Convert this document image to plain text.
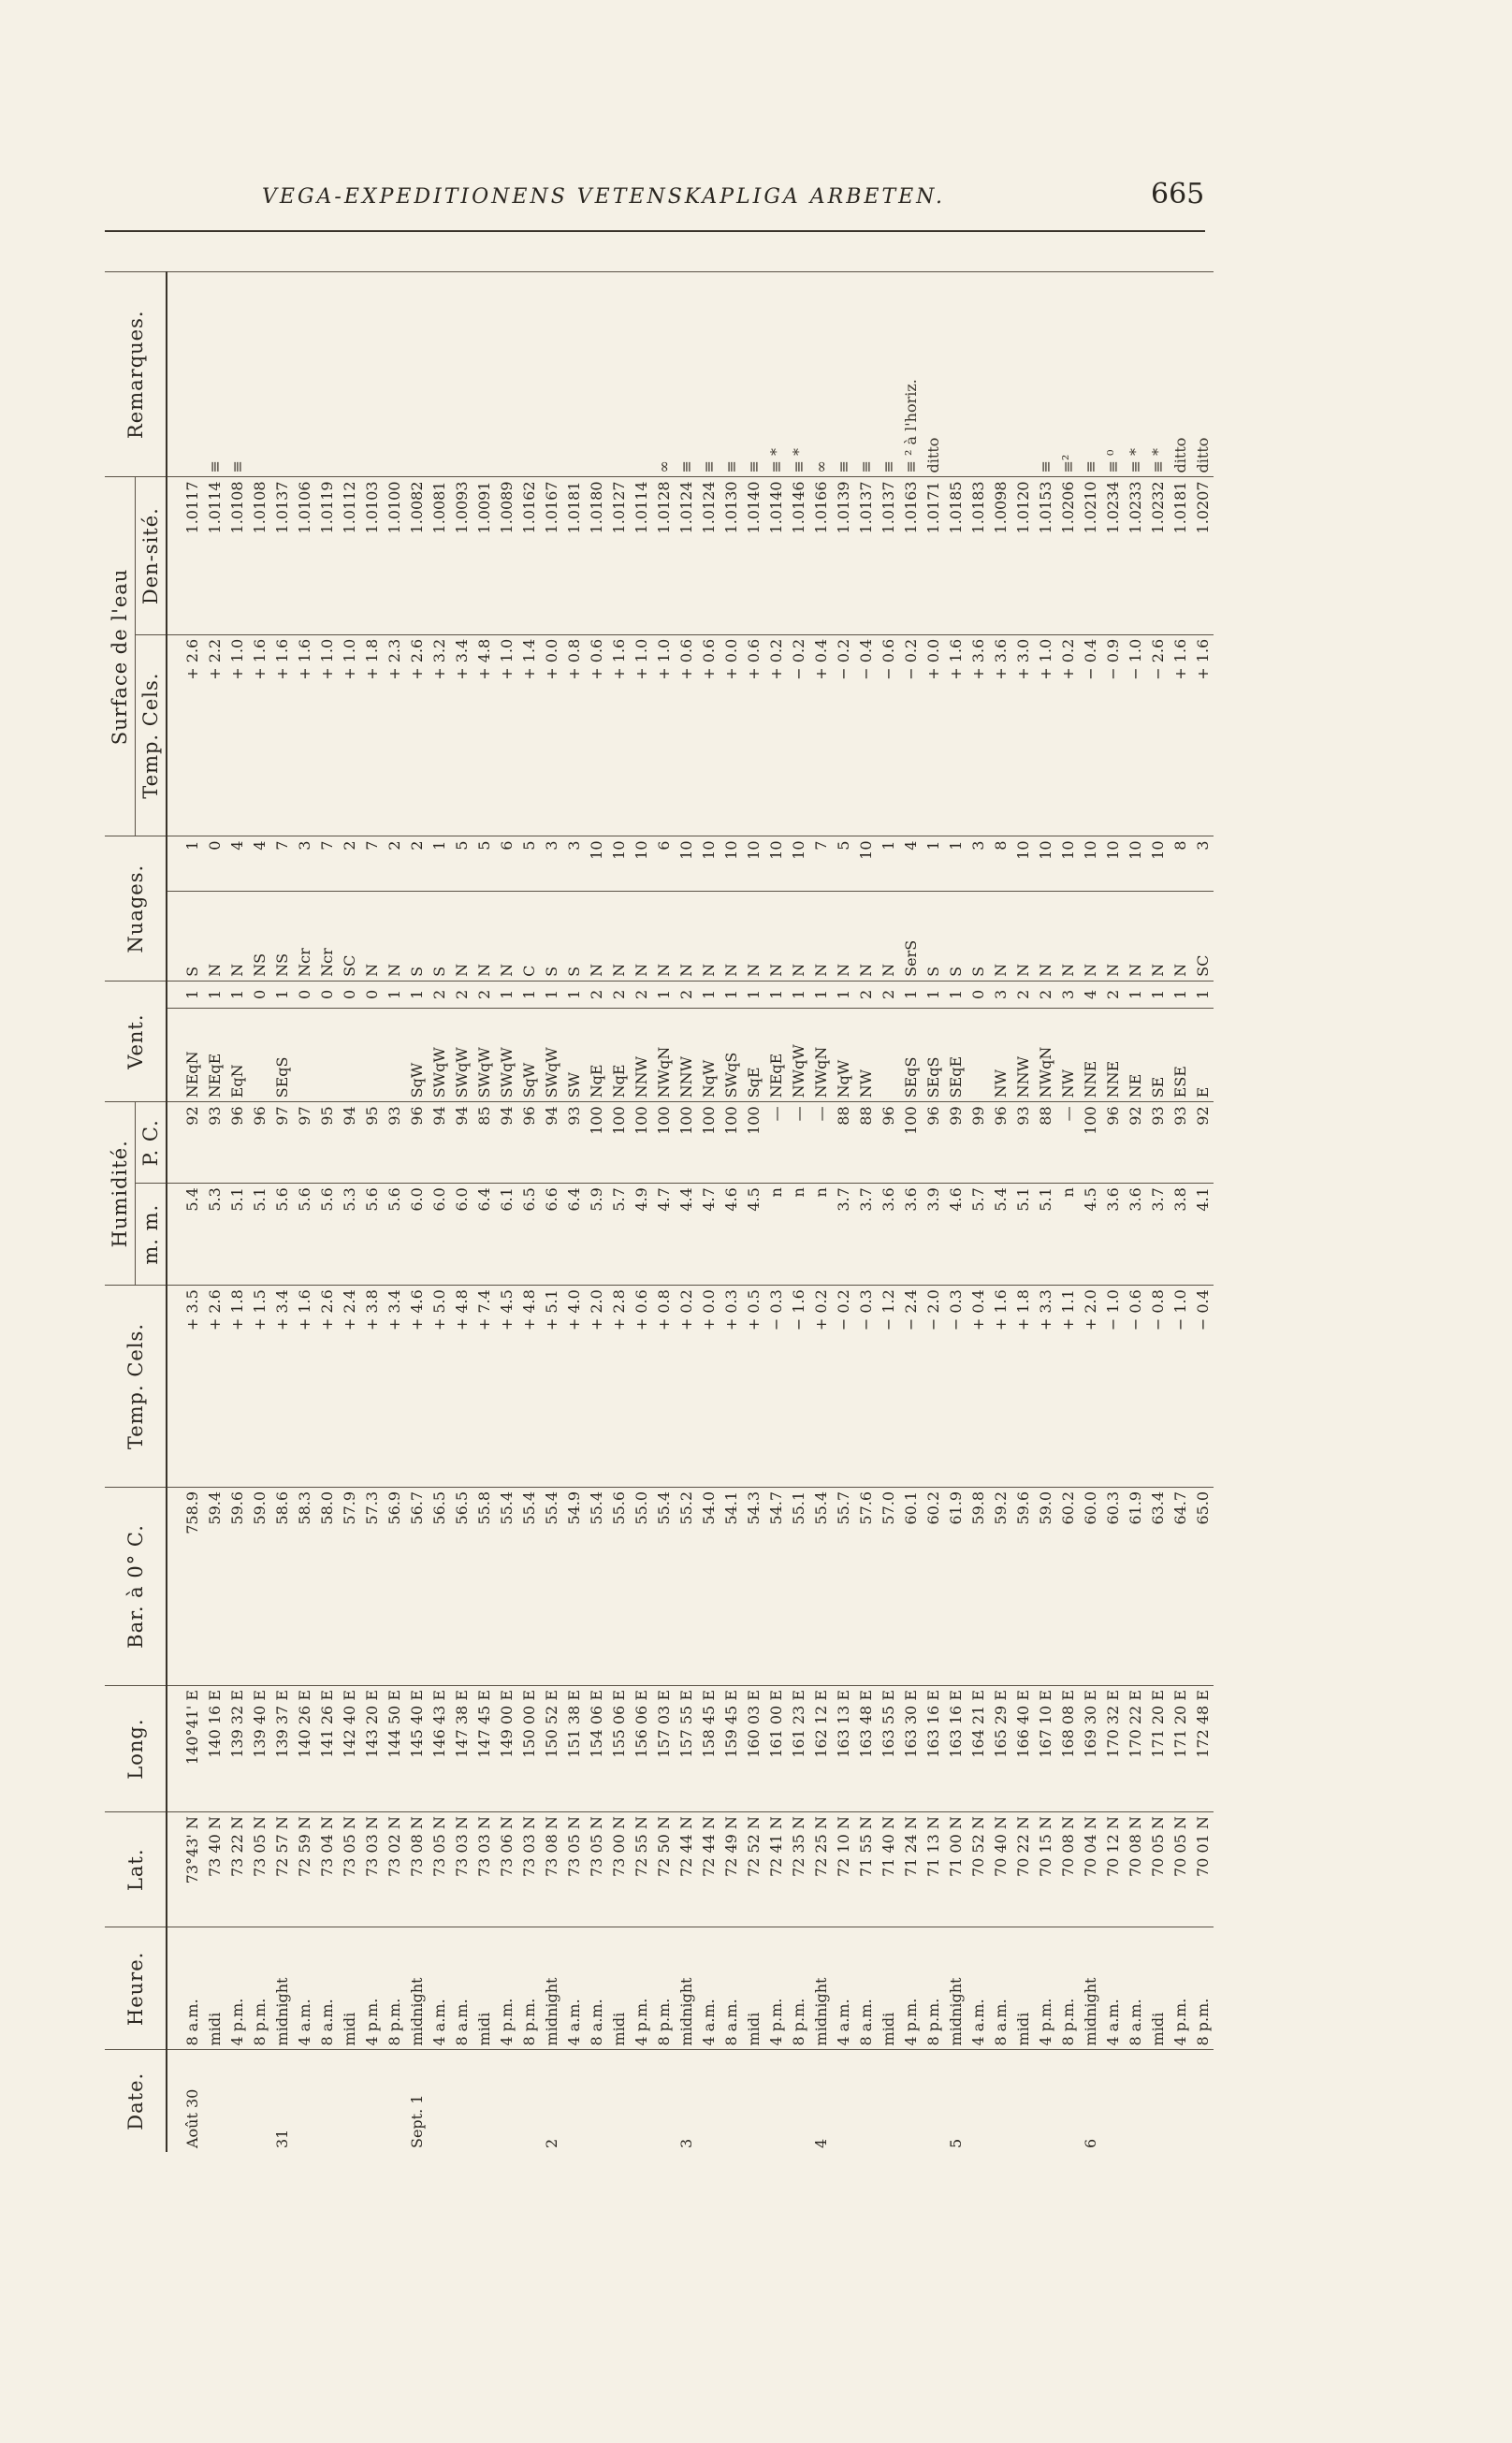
VEGA-EXPEDITIONENS VETENSKAPLIGA ARBETEN.	665
Date.	Heure.	Lat.	Long.	Bar. à 0° C.	Temp. Cels.	Humidité.		Vent.		Nuages.		Surface de l'eau		Remarques.
						m. m.	P. C.					Temp. Cels.	Den-sité.	
Août 30	8 a.m.	73°43' N	140°41' E	758.9	+ 3.5	5.4	92	NEqN	1	S	1	+ 2.6	1.0117	
	midi	73 40 N	140 16 E	59.4	+ 2.6	5.3	93	NEqE	1	N	0	+ 2.2	1.0114	≡
	4 p.m.	73 22 N	139 32 E	59.6	+ 1.8	5.1	96	EqN	1	N	4	+ 1.0	1.0108	≡
	8 p.m.	73 05 N	139 40 E	59.0	+ 1.5	5.1	96		0	NS	4	+ 1.6	1.0108	
31	midnight	72 57 N	139 37 E	58.6	+ 3.4	5.6	97	SEqS	1	NS	7	+ 1.6	1.0137	
	4 a.m.	72 59 N	140 26 E	58.3	+ 1.6	5.6	97		0	Ncr	3	+ 1.6	1.0106	
	8 a.m.	73 04 N	141 26 E	58.0	+ 2.6	5.6	95		0	Ncr	7	+ 1.0	1.0119	
	midi	73 05 N	142 40 E	57.9	+ 2.4	5.3	94		0	SC	2	+ 1.0	1.0112	
	4 p.m.	73 03 N	143 20 E	57.3	+ 3.8	5.6	95		0	N	7	+ 1.8	1.0103	
	8 p.m.	73 02 N	144 50 E	56.9	+ 3.4	5.6	93		1	N	2	+ 2.3	1.0100	
Sept. 1	midnight	73 08 N	145 40 E	56.7	+ 4.6	6.0	96	SqW	1	S	2	+ 2.6	1.0082	
	4 a.m.	73 05 N	146 43 E	56.5	+ 5.0	6.0	94	SWqW	2	S	1	+ 3.2	1.0081	
	8 a.m.	73 03 N	147 38 E	56.5	+ 4.8	6.0	94	SWqW	2	N	5	+ 3.4	1.0093	
	midi	73 03 N	147 45 E	55.8	+ 7.4	6.4	85	SWqW	2	N	5	+ 4.8	1.0091	
	4 p.m.	73 06 N	149 00 E	55.4	+ 4.5	6.1	94	SWqW	1	N	6	+ 1.0	1.0089	
	8 p.m.	73 03 N	150 00 E	55.4	+ 4.8	6.5	96	SqW	1	C	5	+ 1.4	1.0162	
2	midnight	73 08 N	150 52 E	55.4	+ 5.1	6.6	94	SWqW	1	S	3	+ 0.0	1.0167	
	4 a.m.	73 05 N	151 38 E	54.9	+ 4.0	6.4	93	SW	1	S	3	+ 0.8	1.0181	
	8 a.m.	73 05 N	154 06 E	55.4	+ 2.0	5.9	100	NqE	2	N	10	+ 0.6	1.0180	
	midi	73 00 N	155 06 E	55.6	+ 2.8	5.7	100	NqE	2	N	10	+ 1.6	1.0127	
	4 p.m.	72 55 N	156 06 E	55.0	+ 0.6	4.9	100	NNW	2	N	10	+ 1.0	1.0114	
	8 p.m.	72 50 N	157 03 E	55.4	+ 0.8	4.7	100	NWqN	1	N	6	+ 1.0	1.0128	∞
3	midnight	72 44 N	157 55 E	55.2	+ 0.2	4.4	100	NNW	2	N	10	+ 0.6	1.0124	≡
	4 a.m.	72 44 N	158 45 E	54.0	+ 0.0	4.7	100	NqW	1	N	10	+ 0.6	1.0124	≡
	8 a.m.	72 49 N	159 45 E	54.1	+ 0.3	4.6	100	SWqS	1	N	10	+ 0.0	1.0130	≡
	midi	72 52 N	160 03 E	54.3	+ 0.5	4.5	100	SqE	1	N	10	+ 0.6	1.0140	≡
	4 p.m.	72 41 N	161 00 E	54.7	− 0.3	n	—	NEqE	1	N	10	+ 0.2	1.0140	≡ *
	8 p.m.	72 35 N	161 23 E	55.1	− 1.6	n	—	NWqW	1	N	10	− 0.2	1.0146	≡ *
4	midnight	72 25 N	162 12 E	55.4	+ 0.2	n	—	NWqN	1	N	7	+ 0.4	1.0166	∞
	4 a.m.	72 10 N	163 13 E	55.7	− 0.2	3.7	88	NqW	1	N	5	− 0.2	1.0139	≡
	8 a.m.	71 55 N	163 48 E	57.6	− 0.3	3.7	88	NW	2	N	10	− 0.4	1.0137	≡
	midi	71 40 N	163 55 E	57.0	− 1.2	3.6	96		2	N	1	− 0.6	1.0137	≡
	4 p.m.	71 24 N	163 30 E	60.1	− 2.4	3.6	100	SEqS	1	SerS	4	− 0.2	1.0163	≡ ² à l'horiz.
	8 p.m.	71 13 N	163 16 E	60.2	− 2.0	3.9	96	SEqS	1	S	1	+ 0.0	1.0171	ditto
5	midnight	71 00 N	163 16 E	61.9	− 0.3	4.6	99	SEqE	1	S	1	+ 1.6	1.0185	
	4 a.m.	70 52 N	164 21 E	59.8	+ 0.4	5.7	99		0	S	3	+ 3.6	1.0183	
	8 a.m.	70 40 N	165 29 E	59.2	+ 1.6	5.4	96	NW	3	N	8	+ 3.6	1.0098	
	midi	70 22 N	166 40 E	59.6	+ 1.8	5.1	93	NNW	2	N	10	+ 3.0	1.0120	
	4 p.m.	70 15 N	167 10 E	59.0	+ 3.3	5.1	88	NWqN	2	N	10	+ 1.0	1.0153	≡
	8 p.m.	70 08 N	168 08 E	60.2	+ 1.1	n	—	NW	3	N	10	+ 0.2	1.0206	≡²
6	midnight	70 04 N	169 30 E	60.0	+ 2.0	4.5	100	NNE	4	N	10	− 0.4	1.0210	≡
	4 a.m.	70 12 N	170 32 E	60.3	− 1.0	3.6	96	NNE	2	N	10	− 0.9	1.0234	≡ ⁰
	8 a.m.	70 08 N	170 22 E	61.9	− 0.6	3.6	92	NE	1	N	10	− 1.0	1.0233	≡ *
	midi	70 05 N	171 20 E	63.4	− 0.8	3.7	93	SE	1	N	10	− 2.6	1.0232	≡ *
	4 p.m.	70 05 N	171 20 E	64.7	− 1.0	3.8	93	ESE	1	N	8	+ 1.6	1.0181	ditto
	8 p.m.	70 01 N	172 48 E	65.0	− 0.4	4.1	92	E	1	SC	3	+ 1.6	1.0207	ditto
